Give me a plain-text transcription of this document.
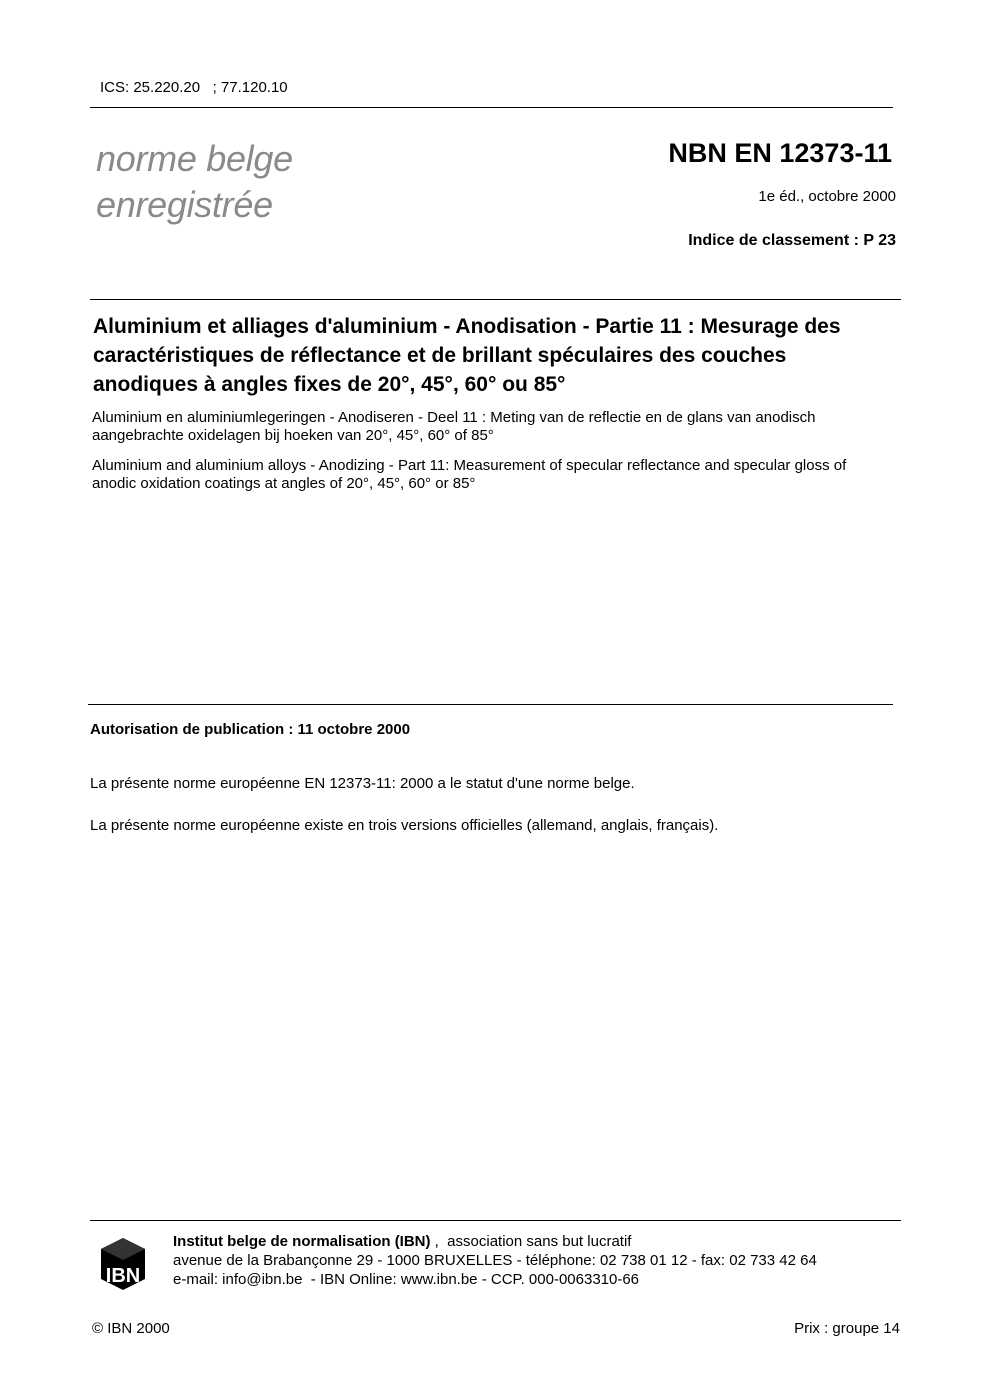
ICS: 25.220.20   ; 77.120.10
norme belge
enregistrée
NBN EN 12373-11
1e éd., octobre 2000
Indice de classement : P 23
Aluminium et alliages d'aluminium - Anodisation - Partie 11 : Mesurage des caractéristiques de réflectance et de brillant spéculaires des couches anodiques à angles fixes de 20°, 45°, 60° ou 85°
Aluminium en aluminiumlegeringen - Anodiseren - Deel 11 : Meting van de reflectie en de glans van anodisch aangebrachte oxidelagen bij hoeken van 20°, 45°, 60° of 85°
Aluminium and aluminium alloys - Anodizing - Part 11: Measurement of specular reflectance and specular gloss of anodic oxidation coatings at angles of 20°, 45°, 60° or 85°
Autorisation de publication : 11 octobre 2000
La présente norme européenne EN 12373-11: 2000 a le statut d'une norme belge.
La présente norme européenne existe en trois versions officielles (allemand, anglais, français).
IBN
Institut belge de normalisation (IBN) ,  association sans but lucratif
avenue de la Brabançonne 29 - 1000 BRUXELLES - téléphone: 02 738 01 12 - fax: 02 733 42 64
e-mail: info@ibn.be  - IBN Online: www.ibn.be - CCP. 000-0063310-66
© IBN 2000	Prix : groupe 14
